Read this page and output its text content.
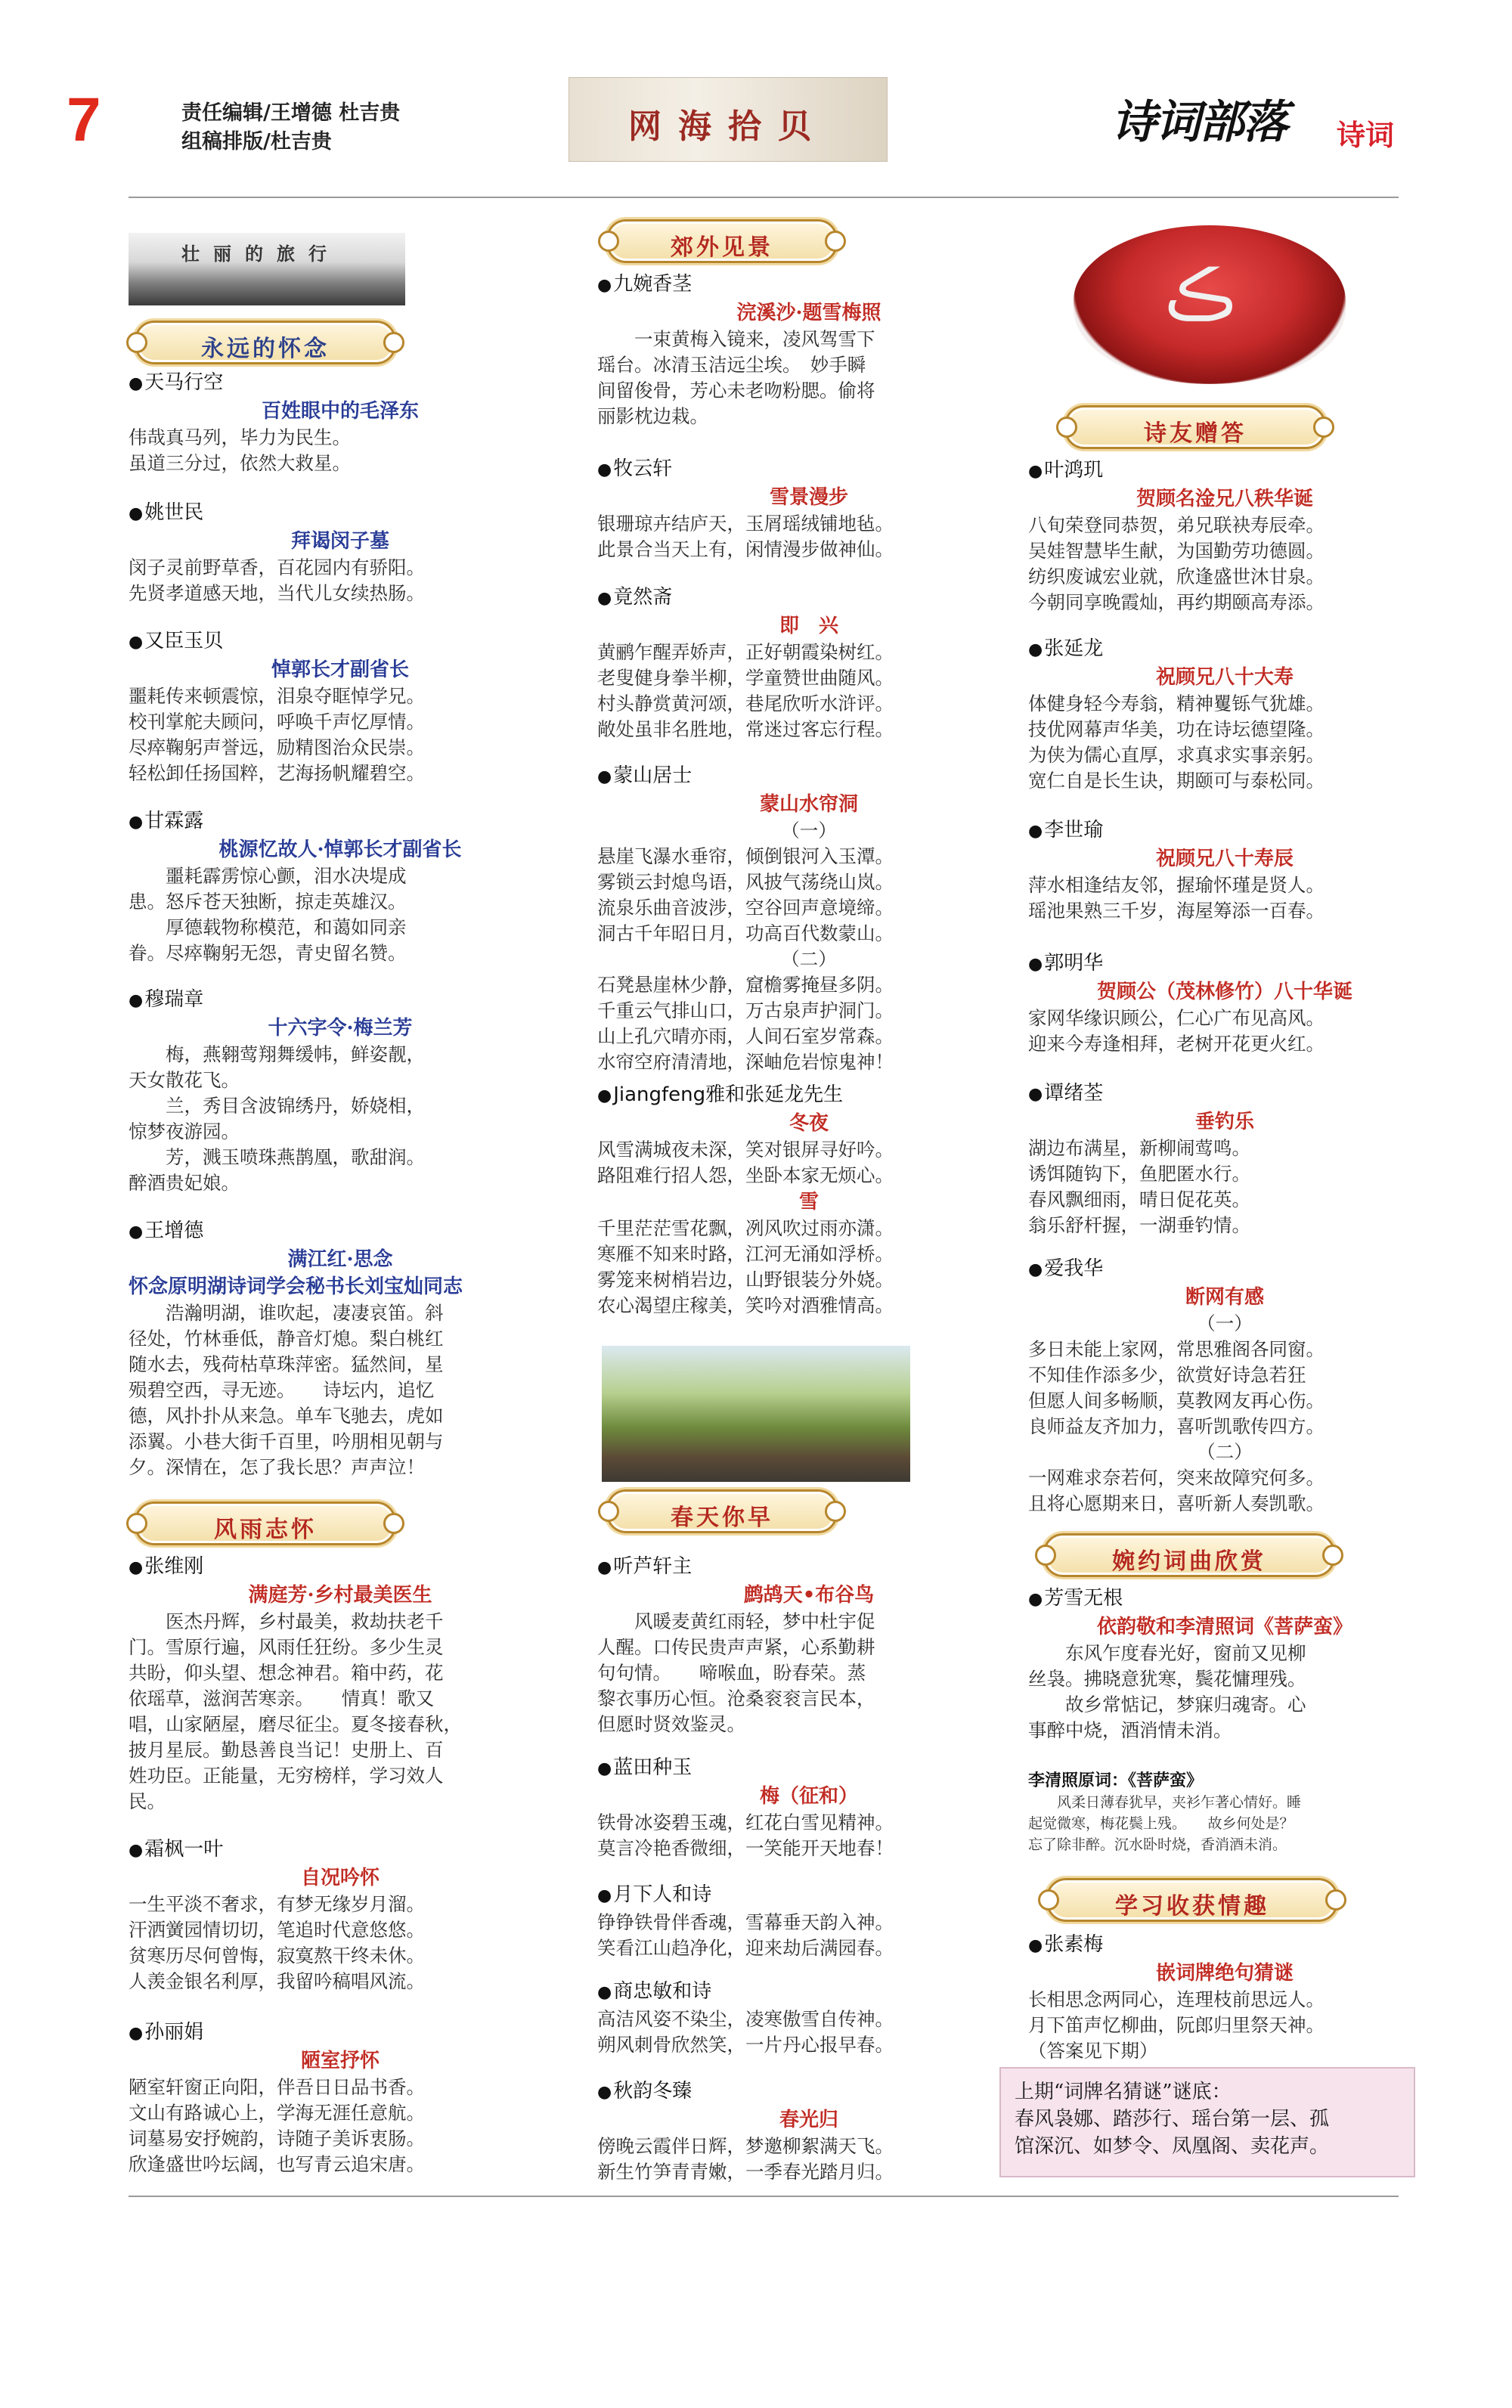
7	责任编辑/王增德 杜吉贵
组稿排版/杜吉贵	网海拾贝	诗词部落 诗词
壮丽的旅行
永远的怀念
● 天马行空
百姓眼中的毛泽东
伟哉真马列，毕力为民生。
虽道三分过，依然大救星。
● 姚世民
拜谒闵子墓
闵子灵前野草香，百花园内有骄阳。
先贤孝道感天地，当代儿女续热肠。
● 又臣玉贝
悼郭长才副省长
噩耗传来顿震惊，泪泉夺眶悼学兄。
校刊掌舵夫顾问，呼唤千声忆厚情。
尽瘁鞠躬声誉远，励精图治众民崇。
轻松卸任扬国粹，艺海扬帆耀碧空。
● 甘霖露
桃源忆故人·悼郭长才副省长
　　噩耗霹雳惊心颤，泪水决堤成
患。怒斥苍天独断，掠走英雄汉。
　　厚德载物称模范，和蔼如同亲
眷。尽瘁鞠躬无怨，青史留名赞。
● 穆瑞章
十六字令·梅兰芳
　　梅，燕翱莺翔舞缓帏，鲜姿靓，
天女散花飞。
　　兰，秀目含波锦绣丹，娇娆相，
惊梦夜游园。
　　芳，溅玉喷珠燕鹊凰，歌甜润。
醉酒贵妃娘。
● 王增德
满江红·思念
怀念原明湖诗词学会秘书长刘宝灿同志
　　浩瀚明湖，谁吹起，凄凄哀笛。斜
径处，竹林垂低，静音灯熄。梨白桃红
随水去，残荷枯草珠萍密。猛然间，星
殒碧空西，寻无迹。　　诗坛内，追忆
德，风扑扑从来急。单车飞驰去，虎如
添翼。小巷大街千百里，吟朋相见朝与
夕。深情在，怎了我长思？声声泣！
风雨志怀
● 张维刚
满庭芳·乡村最美医生
　　医杰丹辉，乡村最美，救劫扶老千
门。雪原行遍，风雨任狂纷。多少生灵
共盼，仰头望、想念神君。箱中药，花
依瑶草，滋润苦寒亲。　　情真！歌又
唱，山家陋屋，磨尽征尘。夏冬接春秋，
披月星辰。勤恳善良当记！史册上、百
姓功臣。正能量，无穷榜样，学习效人
民。
● 霜枫一叶
自况吟怀
一生平淡不奢求，有梦无缘岁月溜。
汗洒黉园情切切，笔追时代意悠悠。
贫寒历尽何曾悔，寂寞熬干终未休。
人羡金银名利厚，我留吟稿唱风流。
● 孙丽娟
陋室抒怀
陋室轩窗正向阳，伴吾日日品书香。
文山有路诚心上，学海无涯任意航。
词墓易安抒婉韵，诗随子美诉衷肠。
欣逢盛世吟坛阔，也写青云追宋唐。
郊外见景
● 九婉香茎
浣溪沙·题雪梅照
　　一束黄梅入镜来，凌风驾雪下
瑶台。冰清玉洁远尘埃。　妙手瞬
间留俊骨，芳心未老吻粉腮。偷将
丽影枕边栽。
● 牧云轩
雪景漫步
银珊琼卉结庐天，玉屑瑶绒铺地毡。
此景合当天上有，闲情漫步做神仙。
● 竟然斋
即　兴
黄鹂乍醒弄娇声，正好朝霞染树红。
老叟健身拳半柳，学童赞世曲随风。
村头静赏黄河颂，巷尾欣听水浒评。
敞处虽非名胜地，常迷过客忘行程。
● 蒙山居士
蒙山水帘洞
（一）
悬崖飞瀑水垂帘，倾倒银河入玉潭。
雾锁云封熄鸟语，风披气荡绕山岚。
流泉乐曲音波涉，空谷回声意境缔。
洞古千年昭日月，功高百代数蒙山。
（二）
石凳悬崖林少静，窟檐雾掩昼多阴。
千重云气排山口，万古泉声护洞门。
山上孔穴晴亦雨，人间石室岁常森。
水帘空府清清地，深岫危岩惊鬼神！
● Jiangfeng雅和张延龙先生
冬夜
风雪满城夜未深，笑对银屏寻好吟。
路阻难行招人怨，坐卧本家无烦心。
雪
千里茫茫雪花飘，冽风吹过雨亦潇。
寒雁不知来时路，江河无涌如浮桥。
雾笼来树梢岩边，山野银装分外娆。
农心渴望庄稼美，笑吟对酒雅情高。
春天你早
● 听芦轩主
鹧鸪天•布谷鸟
　　风暖麦黄红雨轻，梦中杜宇促
人醒。口传民贵声声紧，心系勤耕
句句情。　　啼喉血，盼春荣。蒸
黎衣事历心恒。沧桑衮衮言民本，
但愿时贤效鉴灵。
● 蓝田种玉
梅（征和）
铁骨冰姿碧玉魂，红花白雪见精神。
莫言冷艳香微细，一笑能开天地春！
● 月下人和诗
铮铮铁骨伴香魂，雪幕垂天韵入神。
笑看江山趋净化，迎来劫后满园春。
● 商忠敏和诗
高洁风姿不染尘，凌寒傲雪自传神。
朔风刺骨欣然笑，一片丹心报早春。
● 秋韵冬臻
春光归
傍晚云霞伴日辉，梦邀柳絮满天飞。
新生竹笋青青嫩，一季春光踏月归。
ڪ
诗友赠答
● 叶鸿玑
贺顾名淦兄八秩华诞
八旬荣登同恭贺，弟兄联袂寿辰牵。
吴娃智慧毕生献，为国勤劳功德圆。
纺织废诚宏业就，欣逢盛世沐甘泉。
今朝同享晚霞灿，再约期颐高寿添。
● 张延龙
祝顾兄八十大寿
体健身轻今寿翁，精神矍铄气犹雄。
技优网幕声华美，功在诗坛德望隆。
为侠为儒心直厚，求真求实事亲躬。
宽仁自是长生诀，期颐可与泰松同。
● 李世瑜
祝顾兄八十寿辰
萍水相逢结友邻，握瑜怀瑾是贤人。
瑶池果熟三千岁，海屋筹添一百春。
● 郭明华
贺顾公（茂林修竹）八十华诞
家网华缘识顾公，仁心广布见高风。
迎来今寿逢相拜，老树开花更火红。
● 谭绪荃
垂钓乐
湖边布满星，新柳闹莺鸣。
诱饵随钩下，鱼肥匿水行。
春风飘细雨，晴日促花英。
翁乐舒杆握，一湖垂钓情。
● 爱我华
断网有感
（一）
多日未能上家网，常思雅阁各同窗。
不知佳作添多少，欲赏好诗急若狂
但愿人间多畅顺，莫教网友再心伤。
良师益友齐加力，喜听凯歌传四方。
（二）
一网难求奈若何，突来故障究何多。
且将心愿期来日，喜听新人奏凯歌。
婉约词曲欣赏
● 芳雪无根
依韵敬和李清照词《菩萨蛮》
　　东风乍度春光好，窗前又见柳
丝袅。拂晓意犹寒，鬓花慵理残。
　　故乡常惦记，梦寐归魂寄。心
事醉中烧，酒消情未消。
李清照原词：《菩萨蛮》
　　风柔日薄春犹早，夹衫乍著心情好。睡
起觉微寒，梅花鬓上残。　　故乡何处是？
忘了除非醉。沉水卧时烧，香消酒未消。
学习收获情趣
● 张素梅
嵌词牌绝句猜谜
长相思念两同心，连理枝前思远人。
月下笛声忆柳曲，阮郎归里祭天神。
（答案见下期）
上期“词牌名猜谜”谜底：
春风袅娜、踏莎行、瑶台第一层、孤
馆深沉、如梦令、凤凰阁、卖花声。
